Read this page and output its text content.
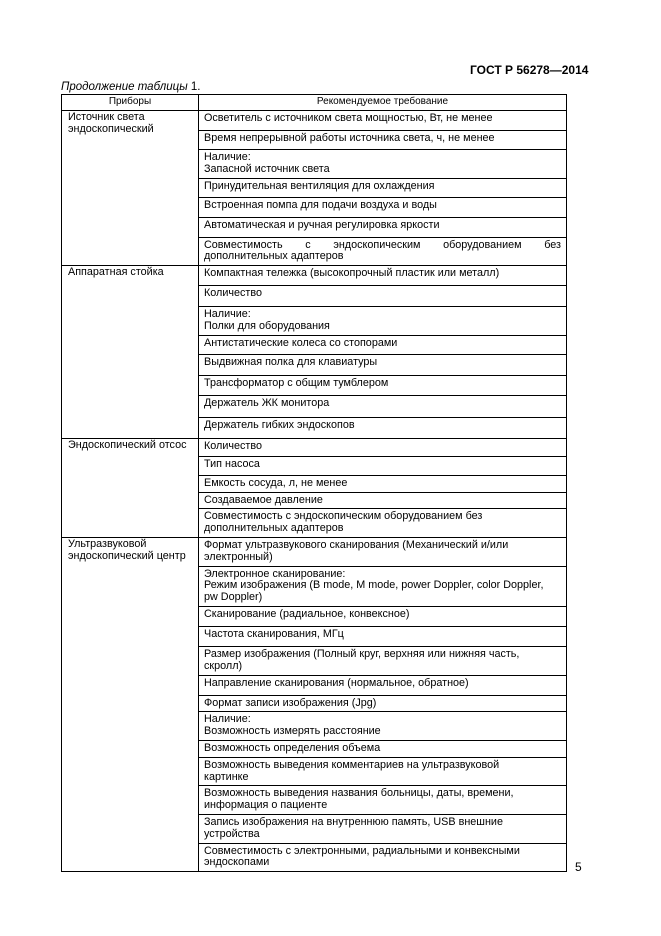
ГОСТ Р 56278—2014
Продолжение таблицы 1.
Приборы	Рекомендуемое требование
Источник света эндоскопический	Осветитель с источником света мощностью, Вт, не менее

	Время непрерывной работы источника света, ч, не менее

	Наличие:
Запасной источник света

	Принудительная вентиляция для охлаждения

	Встроенная помпа для подачи воздуха и воды

	Автоматическая и ручная регулировка яркости

	Совместимость с эндоскопическим оборудованием без
дополнительных адаптеров

Аппаратная стойка	Компактная тележка (высокопрочный пластик или металл)

	Количество

	Наличие:
Полки для оборудования

	Антистатические колеса со стопорами

	Выдвижная полка для клавиатуры

	Трансформатор с общим тумблером

	Держатель ЖК монитора

	Держатель гибких эндоскопов

Эндоскопический отсос	Количество

	Тип насоса

	Емкость сосуда, л, не менее

	Создаваемое давление

	Совместимость с эндоскопическим оборудованием без
дополнительных адаптеров

Ультразвуковой эндоскопический центр	Формат ультразвукового сканирования (Механический и/или
электронный)

	Электронное сканирование:
Режим изображения (B mode, M mode, power Doppler, color Doppler,
pw Doppler)

	Сканирование (радиальное, конвексное)

	Частота сканирования, МГц

	Размер изображения (Полный круг, верхняя или нижняя часть,
скролл)

	Направление сканирования (нормальное, обратное)

	Формат записи изображения (Jpg)

	Наличие:
Возможность измерять расстояние

	Возможность определения объема

	Возможность выведения комментариев на ультразвуковой
картинке

	Возможность выведения названия больницы, даты, времени,
информация о пациенте

	Запись изображения на внутреннюю память, USB внешние
устройства

	Совместимость с электронными, радиальными и конвексными
эндоскопами	5
